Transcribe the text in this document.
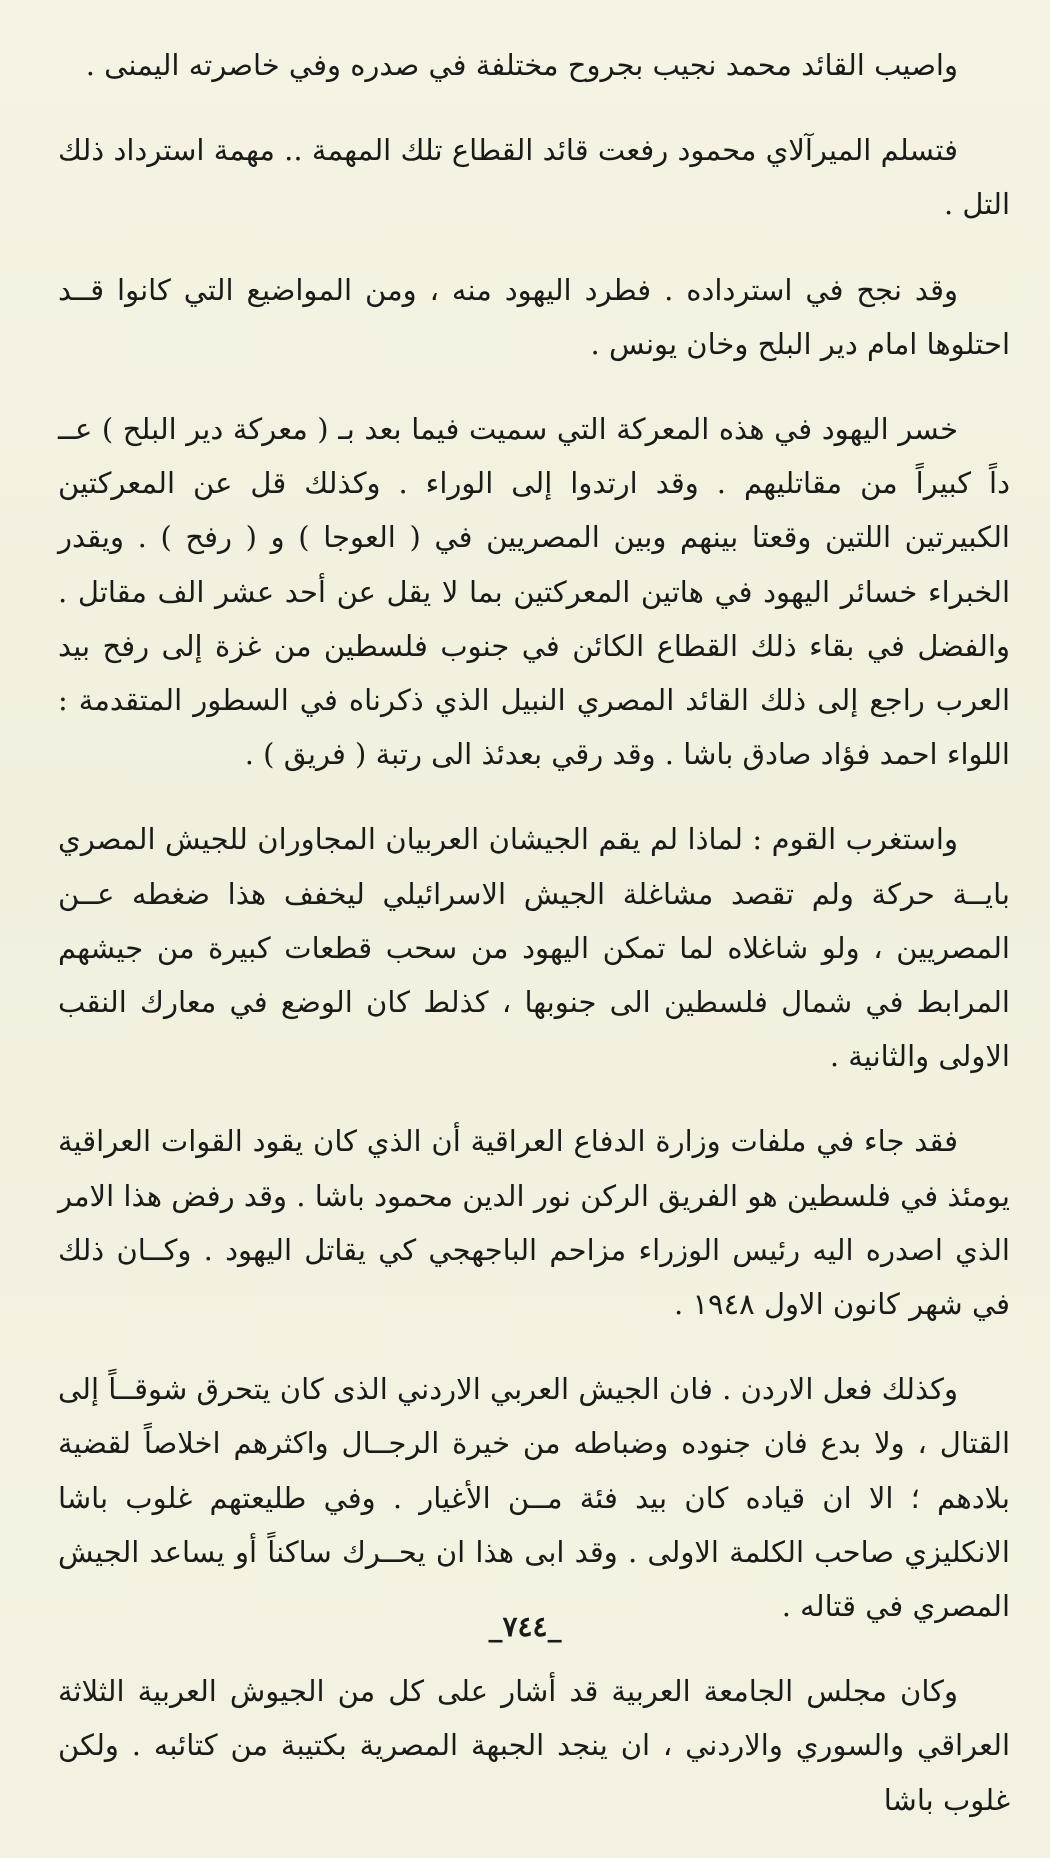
واصيب القائد محمد نجيب بجروح مختلفة في صدره وفي خاصرته اليمنى .

فتسلم الميرآلاي محمود رفعت قائد القطاع تلك المهمة .. مهمة استرداد ذلك التل .

وقد نجح في استرداده . فطرد اليهود منه ، ومن المواضيع التي كانوا قــد احتلوها امام دير البلح وخان يونس .

خسر اليهود في هذه المعركة التي سميت فيما بعد بـ ( معركة دير البلح ) عــ داً كبيراً من مقاتليهم . وقد ارتدوا إلى الوراء . وكذلك قل عن المعركتين الكبيرتين اللتين وقعتا بينهم وبين المصريين في ( العوجا ) و ( رفح ) . ويقدر الخبراء خسائر اليهود في هاتين المعركتين بما لا يقل عن أحد عشر الف مقاتل . والفضل في بقاء ذلك القطاع الكائن في جنوب فلسطين من غزة إلى رفح بيد العرب راجع إلى ذلك القائد المصري النبيل الذي ذكرناه في السطور المتقدمة : اللواء احمد فؤاد صادق باشا . وقد رقي بعدئذ الى رتبة ( فريق ) .

واستغرب القوم : لماذا لم يقم الجيشان العربيان المجاوران للجيش المصري بايــة حركة ولم تقصد مشاغلة الجيش الاسرائيلي ليخفف هذا ضغطه عــن المصريين ، ولو شاغلاه لما تمكن اليهود من سحب قطعات كبيرة من جيشهم المرابط في شمال فلسطين الى جنوبها ، كذلط كان الوضع في معارك النقب الاولى والثانية .

فقد جاء في ملفات وزارة الدفاع العراقية أن الذي كان يقود القوات العراقية يومئذ في فلسطين هو الفريق الركن نور الدين محمود باشا . وقد رفض هذا الامر الذي اصدره اليه رئيس الوزراء مزاحم الباجهجي كي يقاتل اليهود . وكــان ذلك في شهر كانون الاول ١٩٤٨ .

وكذلك فعل الاردن . فان الجيش العربي الاردني الذى كان يتحرق شوقــاً إلى القتال ، ولا بدع فان جنوده وضباطه من خيرة الرجــال واكثرهم اخلاصاً لقضية بلادهم ؛ الا ان قياده كان بيد فئة مــن الأغيار . وفي طليعتهم غلوب باشا الانكليزي صاحب الكلمة الاولى . وقد ابى هذا ان يحــرك ساكناً أو يساعد الجيش المصري في قتاله .

وكان مجلس الجامعة العربية قد أشار على كل من الجيوش العربية الثلاثة العراقي والسوري والاردني ، ان ينجد الجبهة المصرية بكتيبة من كتائبه . ولكن غلوب باشا

_٧٤٤_
